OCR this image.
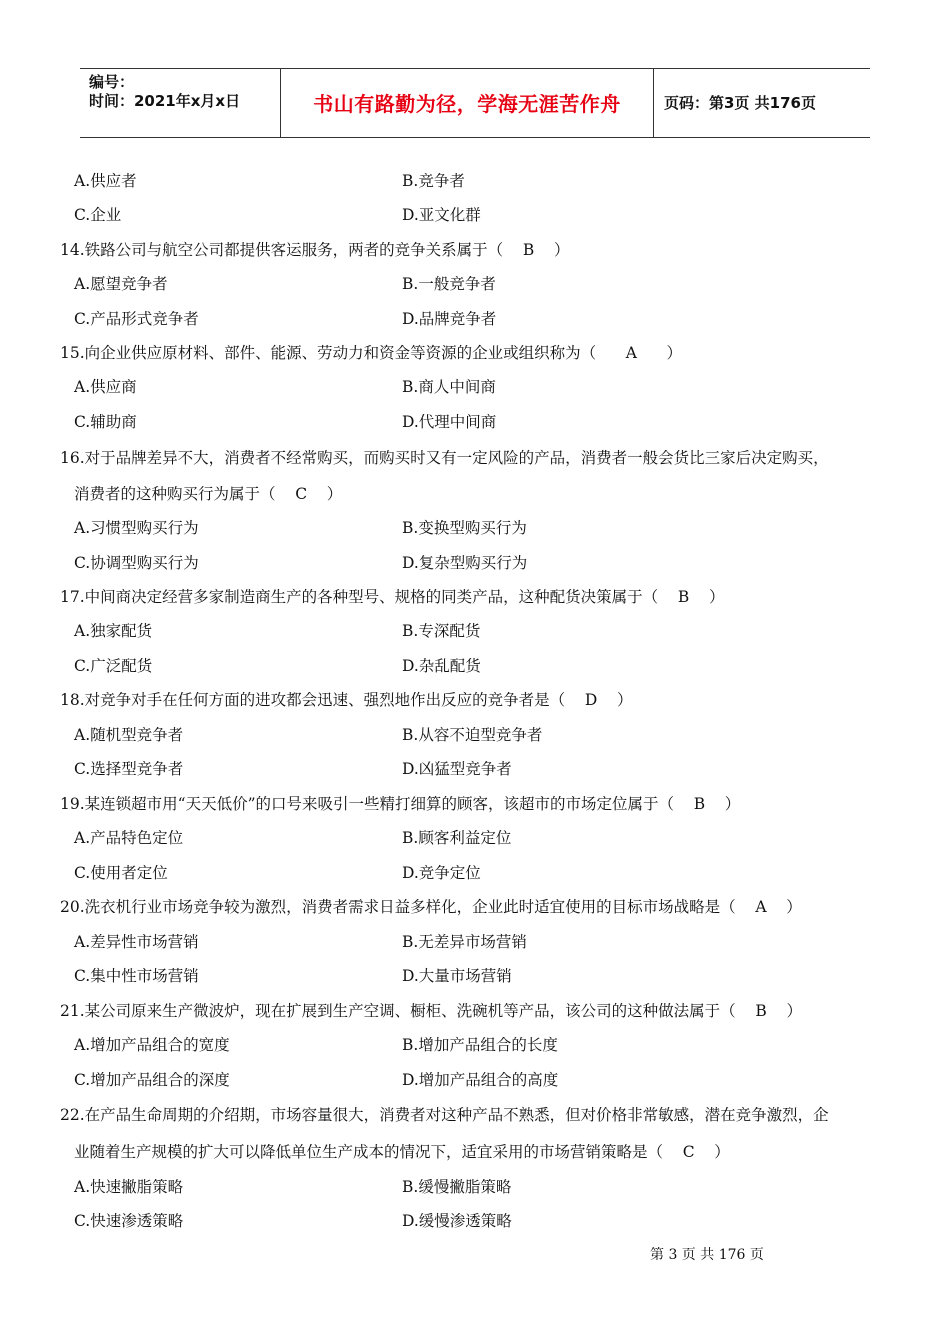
编号：
时间：2021年x月x日	书山有路勤为径，学海无涯苦作舟	页码：第3页 共176页
A.供应者	B.竞争者
C.企业	D.亚文化群
14.铁路公司与航空公司都提供客运服务，两者的竞争关系属于（    B    ）
A.愿望竞争者	B.一般竞争者
C.产品形式竞争者	D.品牌竞争者
15.向企业供应原材料、部件、能源、劳动力和资金等资源的企业或组织称为（      A      ）
A.供应商	B.商人中间商
C.辅助商	D.代理中间商
16.对于品牌差异不大，消费者不经常购买，而购买时又有一定风险的产品，消费者一般会货比三家后决定购买，
消费者的这种购买行为属于（    C    ）
A.习惯型购买行为	B.变换型购买行为
C.协调型购买行为	D.复杂型购买行为
17.中间商决定经营多家制造商生产的各种型号、规格的同类产品，这种配货决策属于（    B    ）
A.独家配货	B.专深配货
C.广泛配货	D.杂乱配货
18.对竞争对手在任何方面的进攻都会迅速、强烈地作出反应的竞争者是（    D    ）
A.随机型竞争者	B.从容不迫型竞争者
C.选择型竞争者	D.凶猛型竞争者
19.某连锁超市用“天天低价”的口号来吸引一些精打细算的顾客，该超市的市场定位属于（    B    ）
A.产品特色定位	B.顾客利益定位
C.使用者定位	D.竞争定位
20.洗衣机行业市场竞争较为激烈，消费者需求日益多样化，企业此时适宜使用的目标市场战略是（    A    ）
A.差异性市场营销	B.无差异市场营销
C.集中性市场营销	D.大量市场营销
21.某公司原来生产微波炉，现在扩展到生产空调、橱柜、洗碗机等产品，该公司的这种做法属于（    B    ）
A.增加产品组合的宽度	B.增加产品组合的长度
C.增加产品组合的深度	D.增加产品组合的高度
22.在产品生命周期的介绍期，市场容量很大，消费者对这种产品不熟悉，但对价格非常敏感，潜在竞争激烈，企
业随着生产规模的扩大可以降低单位生产成本的情况下，适宜采用的市场营销策略是（    C    ）
A.快速撇脂策略	B.缓慢撇脂策略
C.快速渗透策略	D.缓慢渗透策略
第 3 页 共 176 页
